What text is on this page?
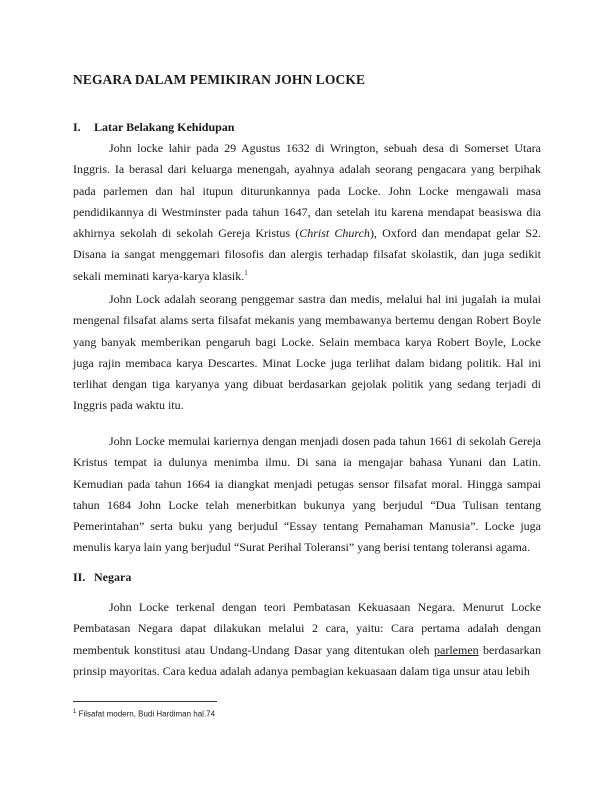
NEGARA DALAM PEMIKIRAN JOHN LOCKE
I. Latar Belakang Kehidupan

John locke lahir pada 29 Agustus 1632 di Wrington, sebuah desa di Somerset Utara Inggris. Ia berasal dari keluarga menengah, ayahnya adalah seorang pengacara yang berpihak pada parlemen dan hal itupun diturunkannya pada Locke. John Locke mengawali masa pendidikannya di Westminster pada tahun 1647, dan setelah itu karena mendapat beasiswa dia akhirnya sekolah di sekolah Gereja Kristus (Christ Church), Oxford dan mendapat gelar S2. Disana ia sangat menggemari filosofis dan alergis terhadap filsafat skolastik, dan juga sedikit sekali meminati karya-karya klasik.$^1$

John Lock adalah seorang penggemar sastra dan medis, melalui hal ini jugalah ia mulai mengenal filsafat alams serta filsafat mekanis yang membawanya bertemu dengan Robert Boyle yang banyak memberikan pengaruh bagi Locke. Selain membaca karya Robert Boyle, Locke juga rajin membaca karya Descartes. Minat Locke juga terlihat dalam bidang politik. Hal ini terlihat dengan tiga karyanya yang dibuat berdasarkan gejolak politik yang sedang terjadi di Inggris pada waktu itu.

John Locke memulai kariernya dengan menjadi dosen pada tahun 1661 di sekolah Gereja Kristus tempat ia dulunya menimba ilmu. Di sana ia mengajar bahasa Yunani dan Latin. Kemudian pada tahun 1664 ia diangkat menjadi petugas sensor filsafat moral. Hingga sampai tahun 1684 John Locke telah menerbitkan bukunya yang berjudul “Dua Tulisan tentang Pemerintahan” serta buku yang berjudul “Essay tentang Pemahaman Manusia”. Locke juga menulis karya lain yang berjudul “Surat Perihal Toleransi” yang berisi tentang toleransi agama.

II. Negara

John Locke terkenal dengan teori Pembatasan Kekuasaan Negara. Menurut Locke Pembatasan Negara dapat dilakukan melalui 2 cara, yaitu: Cara pertama adalah dengan membentuk konstitusi atau Undang-Undang Dasar yang ditentukan oleh parlemen berdasarkan prinsip mayoritas. Cara kedua adalah adanya pembagian kekuasaan dalam tiga unsur atau lebih

$^1$ Filsafat modern, Budi Hardiman hal.74
